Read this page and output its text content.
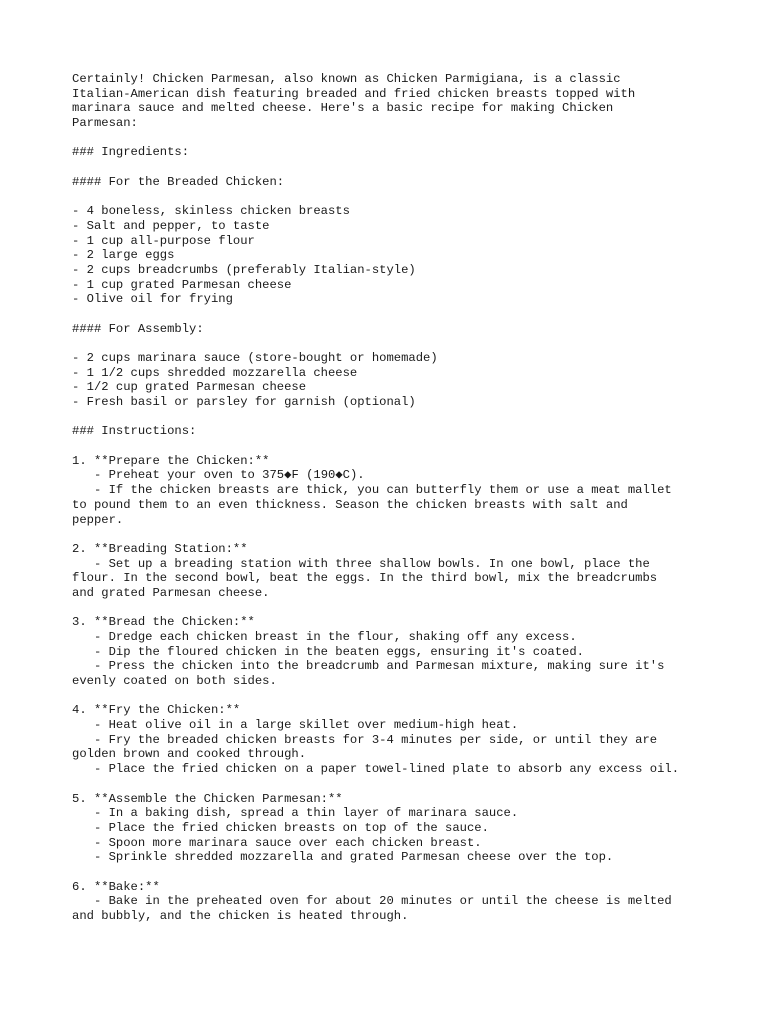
Certainly! Chicken Parmesan, also known as Chicken Parmigiana, is a classic
Italian-American dish featuring breaded and fried chicken breasts topped with
marinara sauce and melted cheese. Here's a basic recipe for making Chicken
Parmesan:
### Ingredients:
#### For the Breaded Chicken:
- 4 boneless, skinless chicken breasts
- Salt and pepper, to taste
- 1 cup all-purpose flour
- 2 large eggs
- 2 cups breadcrumbs (preferably Italian-style)
- 1 cup grated Parmesan cheese
- Olive oil for frying
#### For Assembly:
- 2 cups marinara sauce (store-bought or homemade)
- 1 1/2 cups shredded mozzarella cheese
- 1/2 cup grated Parmesan cheese
- Fresh basil or parsley for garnish (optional)
### Instructions:
1. **Prepare the Chicken:**
- Preheat your oven to 375◆F (190◆C).
- If the chicken breasts are thick, you can butterfly them or use a meat mallet
to pound them to an even thickness. Season the chicken breasts with salt and
pepper.
2. **Breading Station:**
- Set up a breading station with three shallow bowls. In one bowl, place the
flour. In the second bowl, beat the eggs. In the third bowl, mix the breadcrumbs
and grated Parmesan cheese.
3. **Bread the Chicken:**
- Dredge each chicken breast in the flour, shaking off any excess.
- Dip the floured chicken in the beaten eggs, ensuring it's coated.
- Press the chicken into the breadcrumb and Parmesan mixture, making sure it's
evenly coated on both sides.
4. **Fry the Chicken:**
- Heat olive oil in a large skillet over medium-high heat.
- Fry the breaded chicken breasts for 3-4 minutes per side, or until they are
golden brown and cooked through.
- Place the fried chicken on a paper towel-lined plate to absorb any excess oil.
5. **Assemble the Chicken Parmesan:**
- In a baking dish, spread a thin layer of marinara sauce.
- Place the fried chicken breasts on top of the sauce.
- Spoon more marinara sauce over each chicken breast.
- Sprinkle shredded mozzarella and grated Parmesan cheese over the top.
6. **Bake:**
- Bake in the preheated oven for about 20 minutes or until the cheese is melted
and bubbly, and the chicken is heated through.
